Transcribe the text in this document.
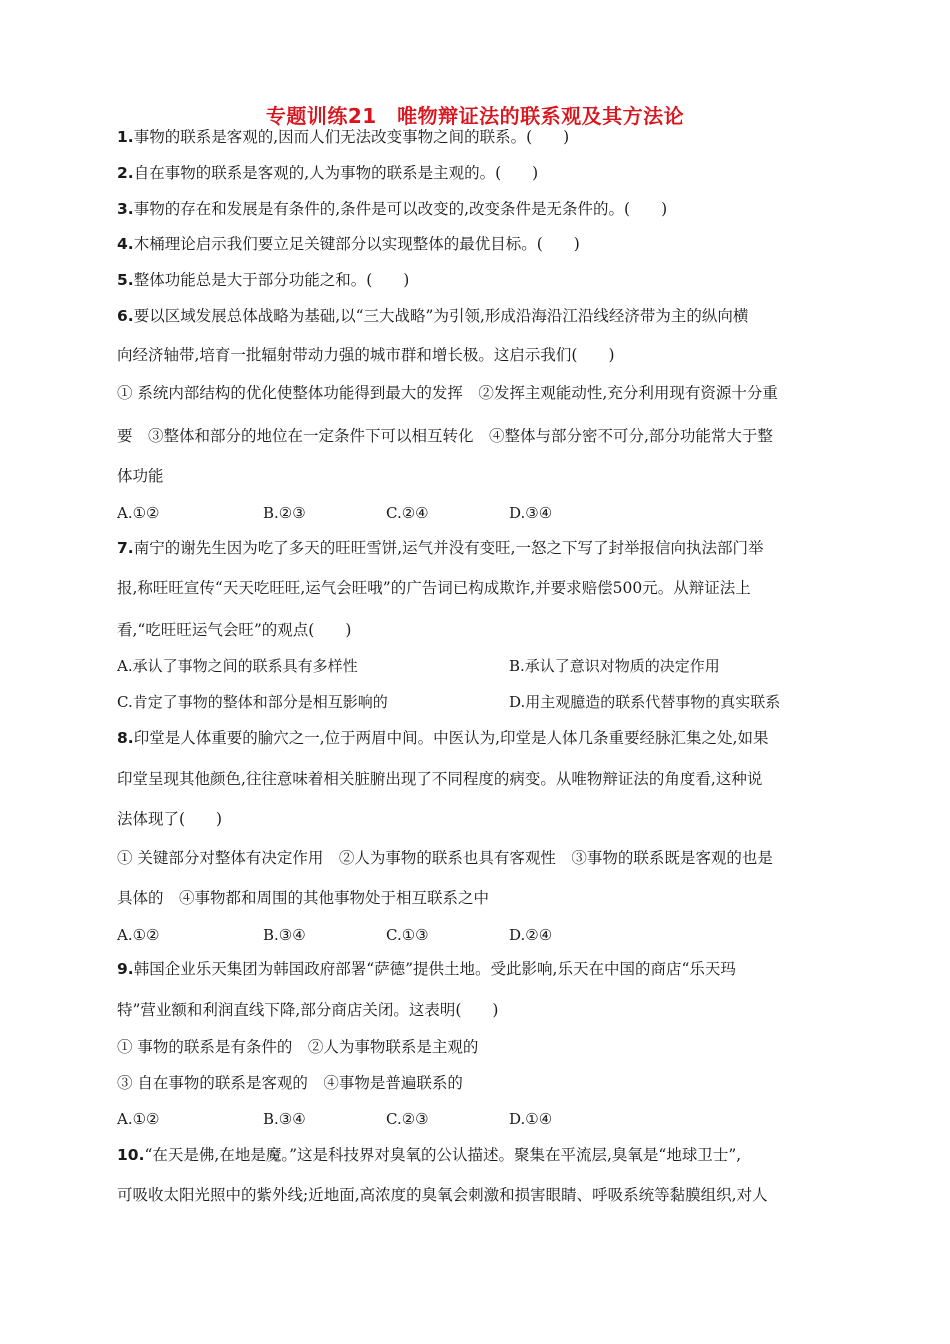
专题训练21　唯物辩证法的联系观及其方法论
1.事物的联系是客观的,因而人们无法改变事物之间的联系。(　　)
2.自在事物的联系是客观的,人为事物的联系是主观的。(　　)
3.事物的存在和发展是有条件的,条件是可以改变的,改变条件是无条件的。(　　)
4.木桶理论启示我们要立足关键部分以实现整体的最优目标。(　　)
5.整体功能总是大于部分功能之和。(　　)
6.要以区域发展总体战略为基础,以“三大战略”为引领,形成沿海沿江沿线经济带为主的纵向横
向经济轴带,培育一批辐射带动力强的城市群和增长极。这启示我们(　　)
① 系统内部结构的优化使整体功能得到最大的发挥　②发挥主观能动性,充分利用现有资源十分重
要　③整体和部分的地位在一定条件下可以相互转化　④整体与部分密不可分,部分功能常大于整
体功能
A.①②	B.②③	C.②④	D.③④
7.南宁的谢先生因为吃了多天的旺旺雪饼,运气并没有变旺,一怒之下写了封举报信向执法部门举
报,称旺旺宣传“天天吃旺旺,运气会旺哦”的广告词已构成欺诈,并要求赔偿500元。从辩证法上
看,“吃旺旺运气会旺”的观点(　　)
A.承认了事物之间的联系具有多样性	B.承认了意识对物质的决定作用
C.肯定了事物的整体和部分是相互影响的	D.用主观臆造的联系代替事物的真实联系
8.印堂是人体重要的腧穴之一,位于两眉中间。中医认为,印堂是人体几条重要经脉汇集之处,如果
印堂呈现其他颜色,往往意味着相关脏腑出现了不同程度的病变。从唯物辩证法的角度看,这种说
法体现了(　　)
① 关键部分对整体有决定作用　②人为事物的联系也具有客观性　③事物的联系既是客观的也是
具体的　④事物都和周围的其他事物处于相互联系之中
A.①②	B.③④	C.①③	D.②④
9.韩国企业乐天集团为韩国政府部署“萨德”提供土地。受此影响,乐天在中国的商店“乐天玛
特”营业额和利润直线下降,部分商店关闭。这表明(　　)
① 事物的联系是有条件的　②人为事物联系是主观的
③ 自在事物的联系是客观的　④事物是普遍联系的
A.①②	B.③④	C.②③	D.①④
10.“在天是佛,在地是魔。”这是科技界对臭氧的公认描述。聚集在平流层,臭氧是“地球卫士”,
可吸收太阳光照中的紫外线;近地面,高浓度的臭氧会刺激和损害眼睛、呼吸系统等黏膜组织,对人
